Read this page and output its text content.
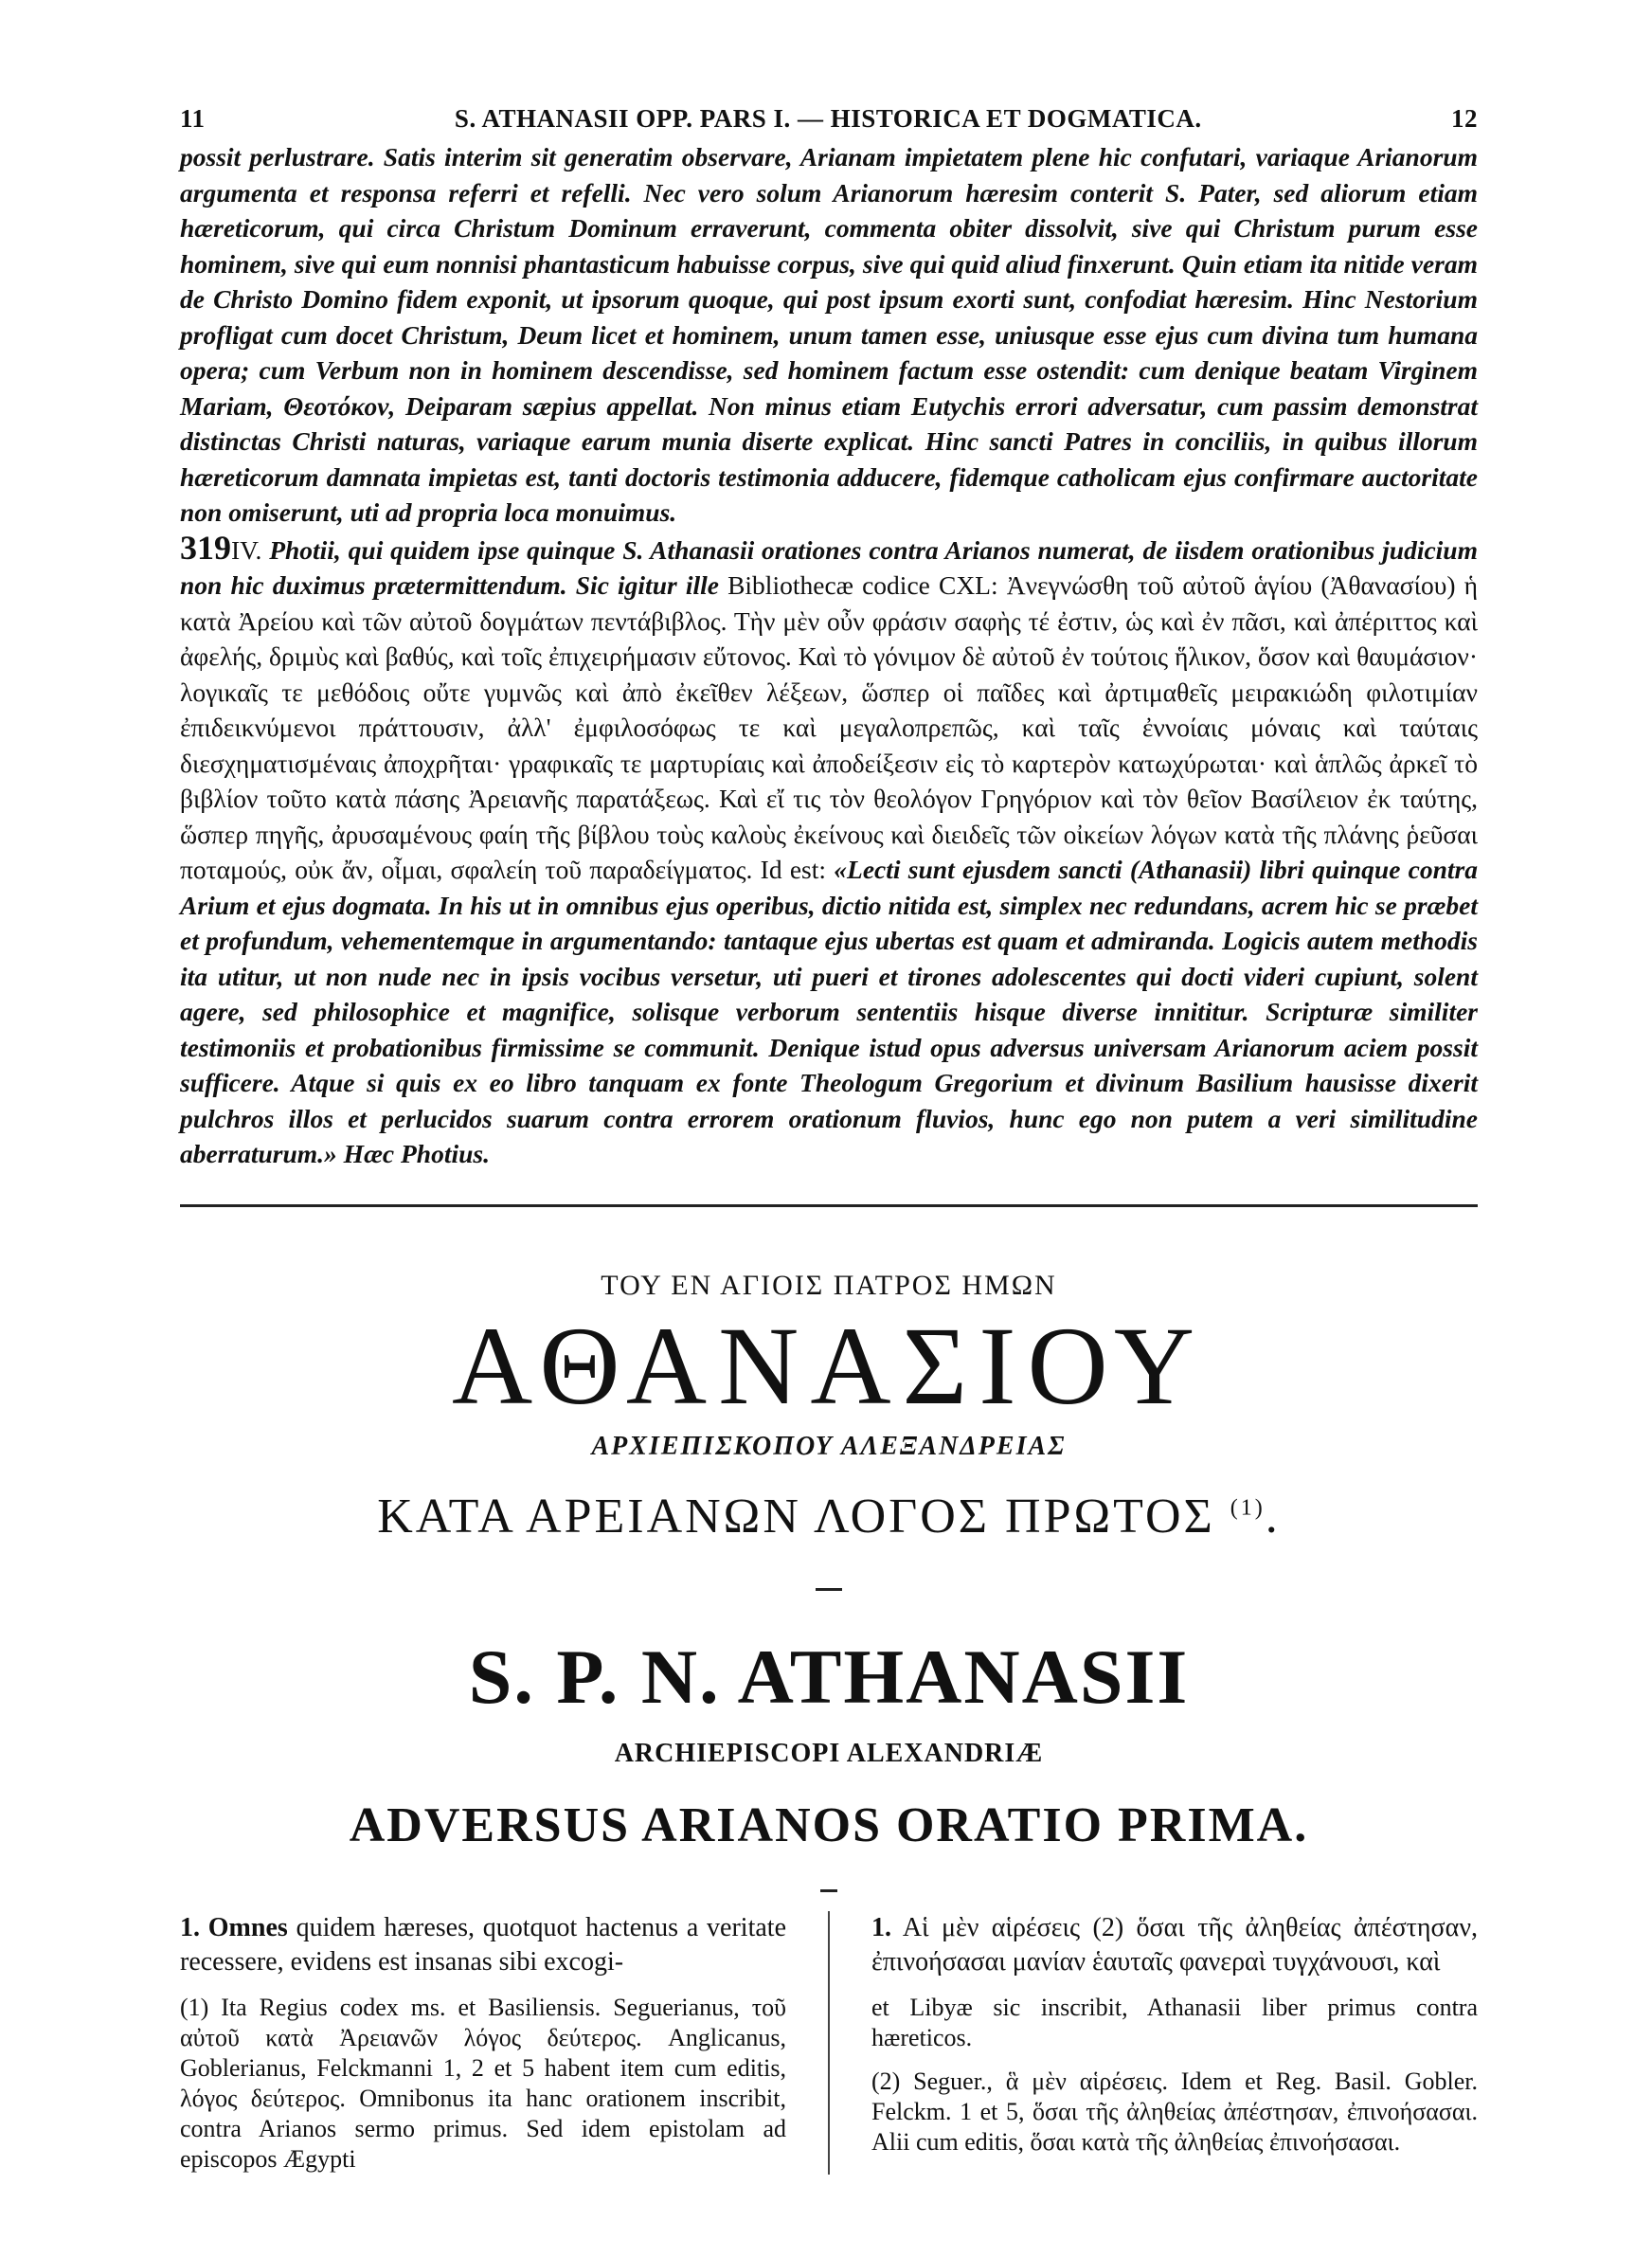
11	S. ATHANASII OPP. PARS I. — HISTORICA ET DOGMATICA.	12

possit perlustrare. Satis interim sit generatim observare, Arianam impietatem plene hic confutari, variaque Arianorum argumenta et responsa referri et refelli. Nec vero solum Arianorum hæresim conterit S. Pater, sed aliorum etiam hæreticorum, qui circa Christum Dominum erraverunt, commenta obiter dissolvit, sive qui Christum purum esse hominem, sive qui eum nonnisi phantasticum habuisse corpus, sive qui quid aliud finxerunt. Quin etiam ita nitide veram de Christo Domino fidem exponit, ut ipsorum quoque, qui post ipsum exorti sunt, confodiat hæresim. Hinc Nestorium profligat cum docet Christum, Deum licet et hominem, unum tamen esse, uniusque esse ejus cum divina tum humana opera; cum Verbum non in hominem descendisse, sed hominem factum esse ostendit: cum denique beatam Virginem Mariam, Θεοτόκον, Deiparam sæpius appellat. Non minus etiam Eutychis errori adversatur, cum passim demonstrat distinctas Christi naturas, variaque earum munia diserte explicat. Hinc sancti Patres in conciliis, in quibus illorum hæreticorum damnata impietas est, tanti doctoris testimonia adducere, fidemque catholicam ejus confirmare auctoritate non omiserunt, uti ad propria loca monuimus.

319IV. Photii, qui quidem ipse quinque S. Athanasii orationes contra Arianos numerat, de iisdem orationibus judicium non hic duximus prætermittendum. Sic igitur ille Bibliothecæ codice CXL: Ἀνεγνώσθη τοῦ αὐτοῦ ἁγίου (Ἀθανασίου) ἡ κατὰ Ἀρείου καὶ τῶν αὐτοῦ δογμάτων πεντάβιβλος. Τὴν μὲν οὖν φράσιν σαφὴς τέ ἐστιν, ὡς καὶ ἐν πᾶσι, καὶ ἀπέριττος καὶ ἀφελής, δριμὺς καὶ βαθύς, καὶ τοῖς ἐπιχειρήμασιν εὔτονος. Καὶ τὸ γόνιμον δὲ αὐτοῦ ἐν τούτοις ἥλικον, ὅσον καὶ θαυμάσιον· λογικαῖς τε μεθόδοις οὔτε γυμνῶς καὶ ἀπὸ ἐκεῖθεν λέξεων, ὥσπερ οἱ παῖδες καὶ ἀρτιμαθεῖς μειρακιώδη φιλοτιμίαν ἐπιδεικνύμενοι πράττουσιν, ἀλλ' ἐμφιλοσόφως τε καὶ μεγαλοπρεπῶς, καὶ ταῖς ἐννοίαις μόναις καὶ ταύταις διεσχηματισμέναις ἀποχρῆται· γραφικαῖς τε μαρτυρίαις καὶ ἀποδείξεσιν εἰς τὸ καρτερὸν κατωχύρωται· καὶ ἁπλῶς ἀρκεῖ τὸ βιβλίον τοῦτο κατὰ πάσης Ἀρειανῆς παρατάξεως. Καὶ εἴ τις τὸν θεολόγον Γρηγόριον καὶ τὸν θεῖον Βασίλειον ἐκ ταύτης, ὥσπερ πηγῆς, ἀρυσαμένους φαίη τῆς βίβλου τοὺς καλοὺς ἐκείνους καὶ διειδεῖς τῶν οἰκείων λόγων κατὰ τῆς πλάνης ῥεῦσαι ποταμούς, οὐκ ἄν, οἶμαι, σφαλείη τοῦ παραδείγματος. Id est: «Lecti sunt ejusdem sancti (Athanasii) libri quinque contra Arium et ejus dogmata. In his ut in omnibus ejus operibus, dictio nitida est, simplex nec redundans, acrem hic se præbet et profundum, vehementemque in argumentando: tantaque ejus ubertas est quam et admiranda. Logicis autem methodis ita utitur, ut non nude nec in ipsis vocibus versetur, uti pueri et tirones adolescentes qui docti videri cupiunt, solent agere, sed philosophice et magnifice, solisque verborum sententiis hisque diverse innititur. Scripturæ similiter testimoniis et probationibus firmissime se communit. Denique istud opus adversus universam Arianorum aciem possit sufficere. Atque si quis ex eo libro tanquam ex fonte Theologum Gregorium et divinum Basilium hausisse dixerit pulchros illos et perlucidos suarum contra errorem orationum fluvios, hunc ego non putem a veri similitudine aberraturum.» Hæc Photius.

ΤΟΥ ΕΝ ΑΓΙΟΙΣ ΠΑΤΡΟΣ ΗΜΩΝ
ΑΘΑΝΑΣΙΟΥ
ΑΡΧΙΕΠΙΣΚΟΠΟΥ ΑΛΕΞΑΝΔΡΕΙΑΣ
ΚΑΤΑ ΑΡΕΙΑΝΩΝ ΛΟΓΟΣ ΠΡΩΤΟΣ $^{(1)}$.
S. P. N. ATHANASII
ARCHIEPISCOPI ALEXANDRIÆ
ADVERSUS ARIANOS ORATIO PRIMA.

1. Omnes quidem hæreses, quotquot hactenus a veritate recessere, evidens est insanas sibi excogi-

(1) Ita Regius codex ms. et Basiliensis. Seguerianus, τοῦ αὐτοῦ κατὰ Ἀρειανῶν λόγος δεύτερος. Anglicanus, Goblerianus, Felckmanni 1, 2 et 5 habent item cum editis, λόγος δεύτερος. Omnibonus ita hanc orationem inscribit, contra Arianos sermo primus. Sed idem epistolam ad episcopos Ægypti

1. Αἱ μὲν αἱρέσεις (2) ὅσαι τῆς ἀληθείας ἀπέστησαν, ἐπινοήσασαι μανίαν ἑαυταῖς φανεραὶ τυγχάνουσι, καὶ

et Libyæ sic inscribit, Athanasii liber primus contra hæreticos.

(2) Seguer., ἃ μὲν αἱρέσεις. Idem et Reg. Basil. Gobler. Felckm. 1 et 5, ὅσαι τῆς ἀληθείας ἀπέστησαν, ἐπινοήσασαι. Alii cum editis, ὅσαι κατὰ τῆς ἀληθείας ἐπινοήσασαι.
